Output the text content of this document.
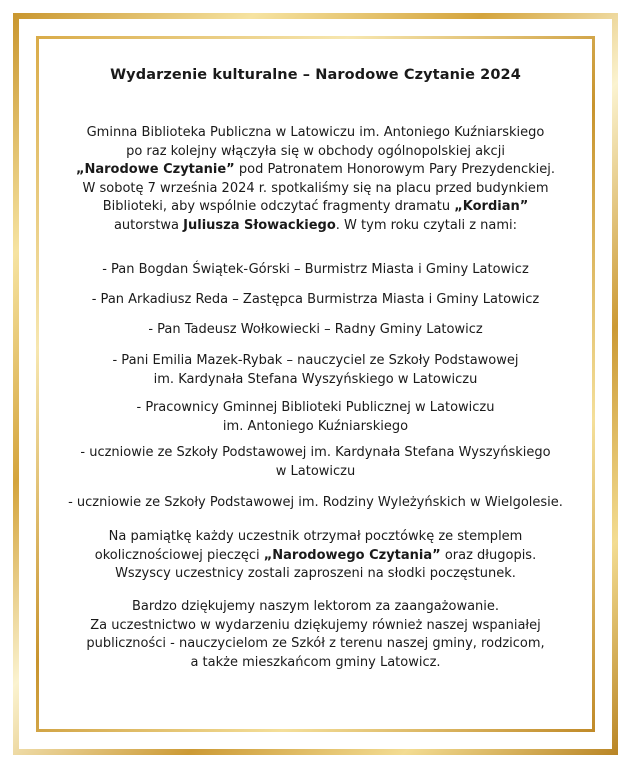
Wydarzenie kulturalne – Narodowe Czytanie 2024
Gminna Biblioteka Publiczna w Latowiczu im. Antoniego Kuźniarskiego
po raz kolejny włączyła się w obchody ogólnopolskiej akcji
„Narodowe Czytanie” pod Patronatem Honorowym Pary Prezydenckiej.
W sobotę 7 września 2024 r. spotkaliśmy się na placu przed budynkiem
Biblioteki, aby wspólnie odczytać fragmenty dramatu „Kordian”
autorstwa Juliusza Słowackiego. W tym roku czytali z nami:
- Pan Bogdan Świątek-Górski – Burmistrz Miasta i Gminy Latowicz
- Pan Arkadiusz Reda – Zastępca Burmistrza Miasta i Gminy Latowicz
- Pan Tadeusz Wołkowiecki – Radny Gminy Latowicz
- Pani Emilia Mazek-Rybak – nauczyciel ze Szkoły Podstawowej
im. Kardynała Stefana Wyszyńskiego w Latowiczu
- Pracownicy Gminnej Biblioteki Publicznej w Latowiczu
im. Antoniego Kuźniarskiego
- uczniowie ze Szkoły Podstawowej im. Kardynała Stefana Wyszyńskiego
w Latowiczu
- uczniowie ze Szkoły Podstawowej im. Rodziny Wyleżyńskich w Wielgolesie.
Na pamiątkę każdy uczestnik otrzymał pocztówkę ze stemplem
okolicznościowej pieczęci „Narodowego Czytania” oraz długopis.
Wszyscy uczestnicy zostali zaproszeni na słodki poczęstunek.
Bardzo dziękujemy naszym lektorom za zaangażowanie.
Za uczestnictwo w wydarzeniu dziękujemy również naszej wspaniałej
publiczności - nauczycielom ze Szkół z terenu naszej gminy, rodzicom,
a także mieszkańcom gminy Latowicz.
